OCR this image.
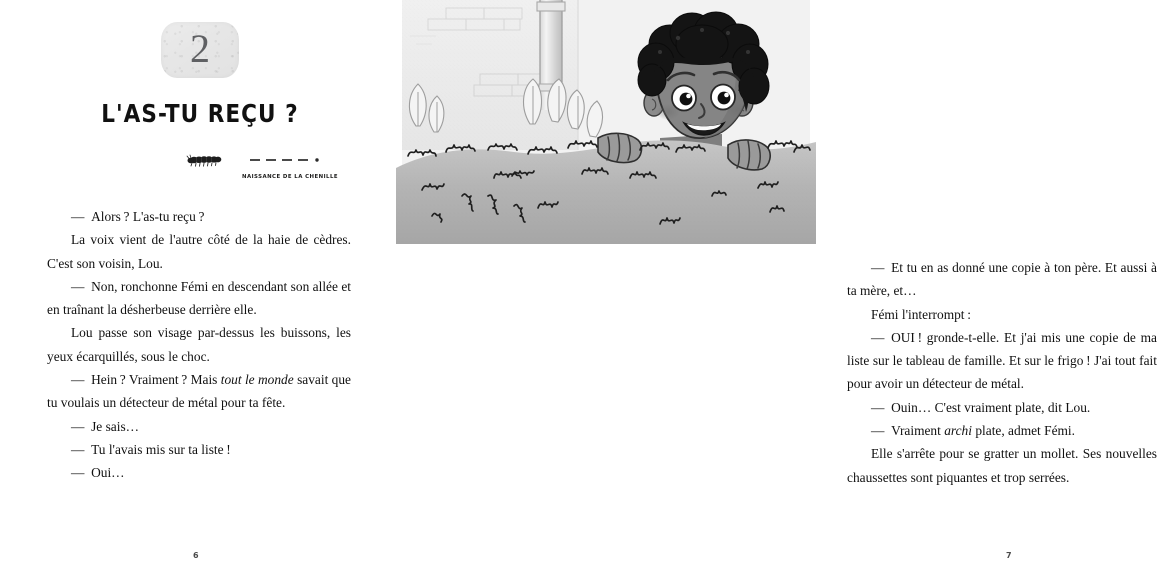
2
L'AS-TU REÇU ?
NAISSANCE DE LA CHENILLE

— Alors ? L'as-tu reçu ?

La voix vient de l'autre côté de la haie de cèdres. C'est son voisin, Lou.

— Non, ronchonne Fémi en descendant son allée et en traînant la désherbeuse derrière elle.

Lou passe son visage par-dessus les buissons, les yeux écarquillés, sous le choc.

— Hein ? Vraiment ? Mais tout le monde savait que tu voulais un détecteur de métal pour ta fête.

— Je sais…

— Tu l'avais mis sur ta liste !

— Oui…

6

— Et tu en as donné une copie à ton père. Et aussi à ta mère, et…

Fémi l'interrompt :

— OUI ! gronde-t-elle. Et j'ai mis une copie de ma liste sur le tableau de famille. Et sur le frigo ! J'ai tout fait pour avoir un détecteur de métal.

— Ouin… C'est vraiment plate, dit Lou.

— Vraiment archi plate, admet Fémi.

Elle s'arrête pour se gratter un mollet. Ses nouvelles chaussettes sont piquantes et trop serrées.

7
